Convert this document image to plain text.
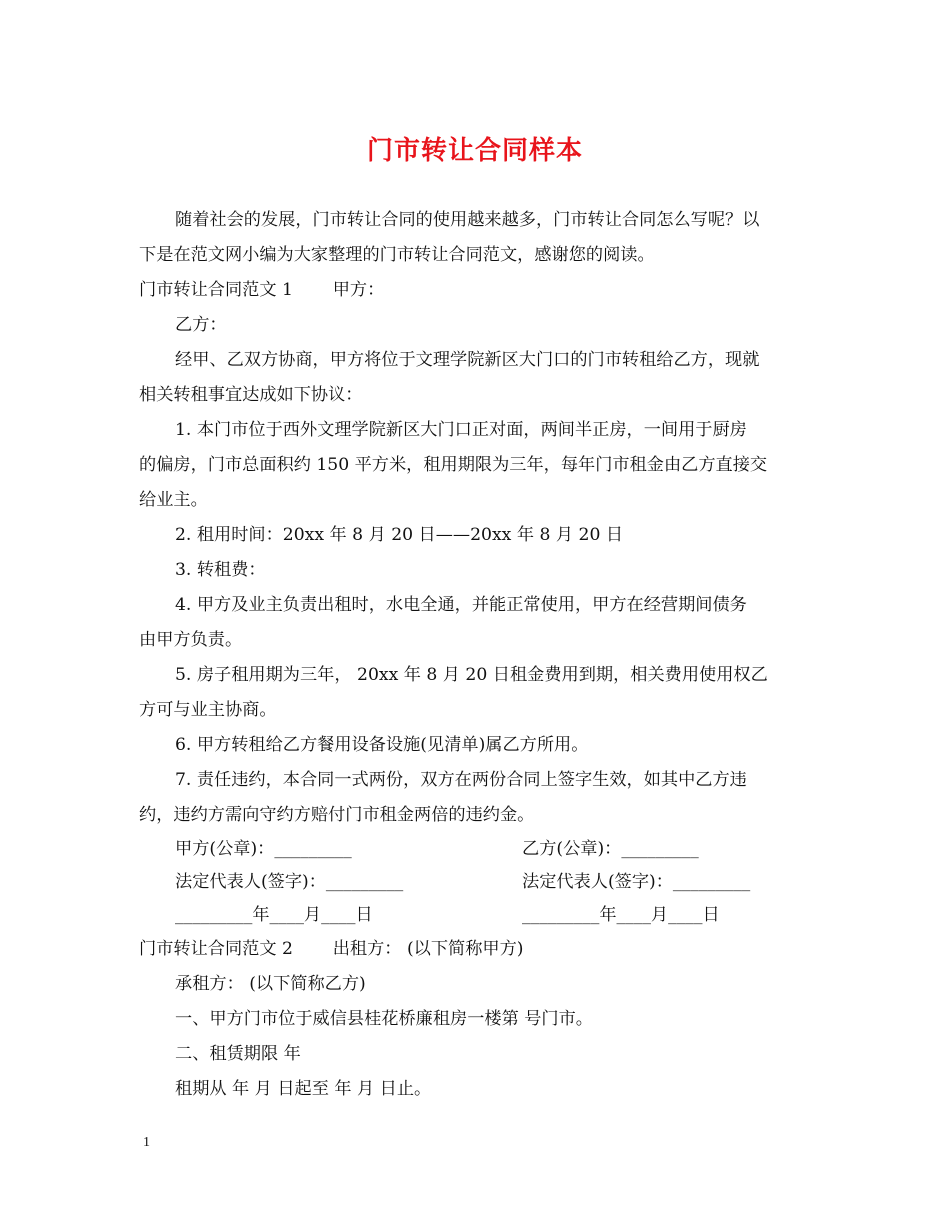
门市转让合同样本
随着社会的发展，门市转让合同的使用越来越多，门市转让合同怎么写呢？以
下是在范文网小编为大家整理的门市转让合同范文，感谢您的阅读。
门市转让合同范文 1　　 甲方：
乙方：
经甲、乙双方协商，甲方将位于文理学院新区大门口的门市转租给乙方，现就
相关转租事宜达成如下协议：
1. 本门市位于西外文理学院新区大门口正对面，两间半正房，一间用于厨房
的偏房，门市总面积约 150 平方米，租用期限为三年，每年门市租金由乙方直接交
给业主。
2. 租用时间：20xx 年 8 月 20 日——20xx 年 8 月 20 日
3. 转租费：
4. 甲方及业主负责出租时，水电全通，并能正常使用，甲方在经营期间债务
由甲方负责。
5. 房子租用期为三年， 20xx 年 8 月 20 日租金费用到期，相关费用使用权乙
方可与业主协商。
6. 甲方转租给乙方餐用设备设施(见清单)属乙方所用。
7. 责任违约，本合同一式两份，双方在两份合同上签字生效，如其中乙方违
约，违约方需向守约方赔付门市租金两倍的违约金。
甲方(公章)：_________	乙方(公章)：_________
法定代表人(签字)：_________	法定代表人(签字)：_________
_________年____月____日	_________年____月____日
门市转让合同范文 2　　 出租方： (以下简称甲方)
承租方： (以下简称乙方)
一、甲方门市位于威信县桂花桥廉租房一楼第 号门市。
二、租赁期限 年
租期从 年 月 日起至 年 月 日止。
1
